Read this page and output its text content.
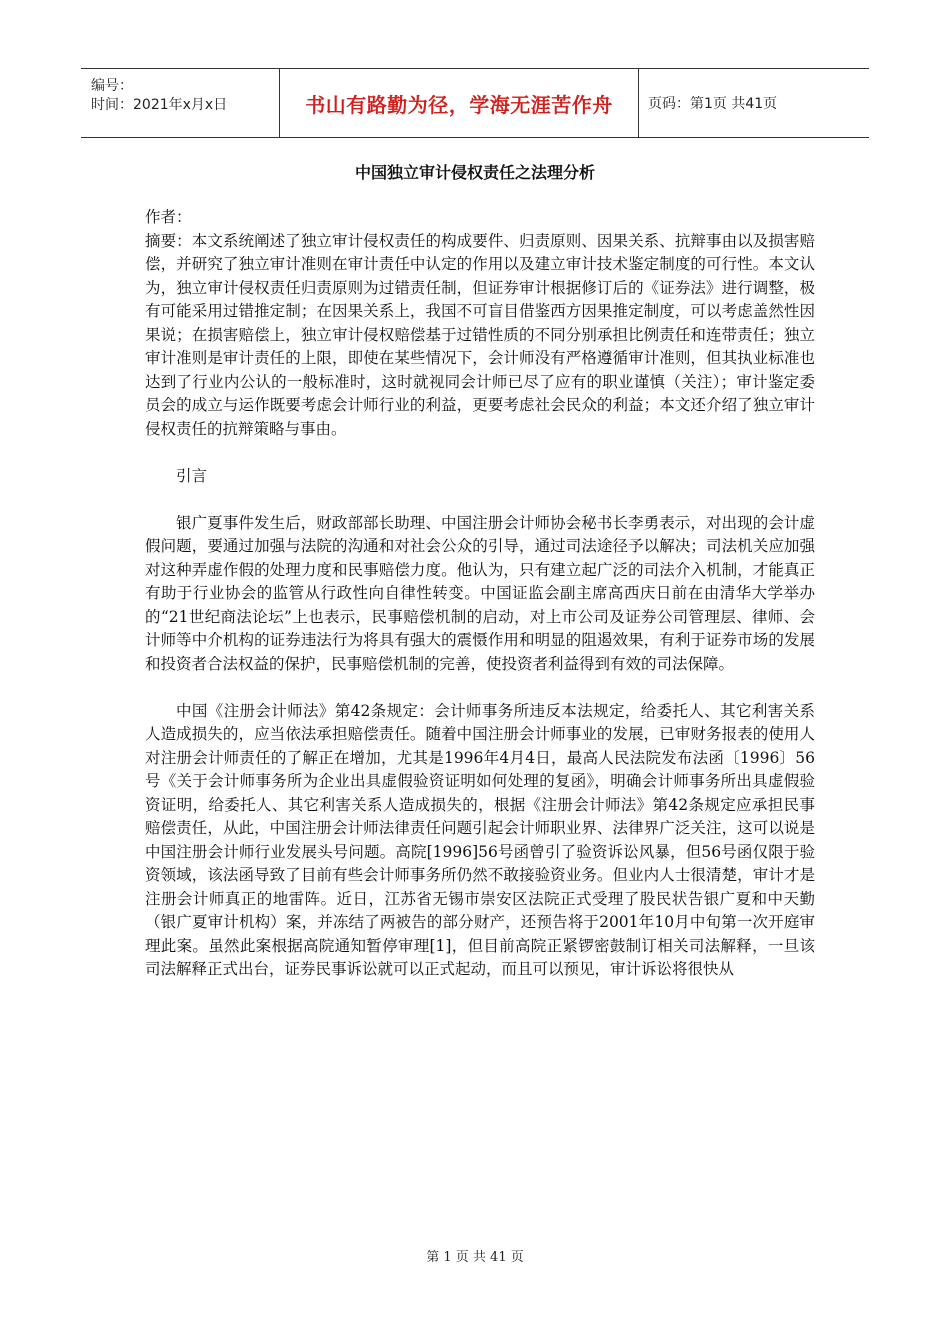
编号：
时间：2021年x月x日	书山有路勤为径，学海无涯苦作舟	页码：第1页 共41页
中国独立审计侵权责任之法理分析

作者：

摘要：本文系统阐述了独立审计侵权责任的构成要件、归责原则、因果关系、抗辩事由以及损害赔偿，并研究了独立审计准则在审计责任中认定的作用以及建立审计技术鉴定制度的可行性。本文认为，独立审计侵权责任归责原则为过错责任制，但证券审计根据修订后的《证券法》进行调整，极有可能采用过错推定制；在因果关系上，我国不可盲目借鉴西方因果推定制度，可以考虑盖然性因果说；在损害赔偿上，独立审计侵权赔偿基于过错性质的不同分别承担比例责任和连带责任；独立审计准则是审计责任的上限，即使在某些情况下，会计师没有严格遵循审计准则，但其执业标准也达到了行业内公认的一般标准时，这时就视同会计师已尽了应有的职业谨慎（关注）；审计鉴定委员会的成立与运作既要考虑会计师行业的利益，更要考虑社会民众的利益；本文还介绍了独立审计侵权责任的抗辩策略与事由。

引言

银广夏事件发生后，财政部部长助理、中国注册会计师协会秘书长李勇表示，对出现的会计虚假问题，要通过加强与法院的沟通和对社会公众的引导，通过司法途径予以解决；司法机关应加强对这种弄虚作假的处理力度和民事赔偿力度。他认为，只有建立起广泛的司法介入机制，才能真正有助于行业协会的监管从行政性向自律性转变。中国证监会副主席高西庆日前在由清华大学举办的“21世纪商法论坛”上也表示，民事赔偿机制的启动，对上市公司及证券公司管理层、律师、会计师等中介机构的证券违法行为将具有强大的震慑作用和明显的阻遏效果，有利于证券市场的发展和投资者合法权益的保护，民事赔偿机制的完善，使投资者利益得到有效的司法保障。

中国《注册会计师法》第42条规定：会计师事务所违反本法规定，给委托人、其它利害关系人造成损失的，应当依法承担赔偿责任。随着中国注册会计师事业的发展，已审财务报表的使用人对注册会计师责任的了解正在增加，尤其是1996年4月4日，最高人民法院发布法函〔1996〕56号《关于会计师事务所为企业出具虚假验资证明如何处理的复函》，明确会计师事务所出具虚假验资证明，给委托人、其它利害关系人造成损失的，根据《注册会计师法》第42条规定应承担民事赔偿责任，从此，中国注册会计师法律责任问题引起会计师职业界、法律界广泛关注，这可以说是中国注册会计师行业发展头号问题。高院[1996]56号函曾引了验资诉讼风暴，但56号函仅限于验资领域，该法函导致了目前有些会计师事务所仍然不敢接验资业务。但业内人士很清楚，审计才是注册会计师真正的地雷阵。近日，江苏省无锡市崇安区法院正式受理了股民状告银广夏和中天勤（银广夏审计机构）案，并冻结了两被告的部分财产，还预告将于2001年10月中旬第一次开庭审理此案。虽然此案根据高院通知暂停审理[1]，但目前高院正紧锣密鼓制订相关司法解释，一旦该司法解释正式出台，证券民事诉讼就可以正式起动，而且可以预见，审计诉讼将很快从

第 1 页 共 41 页
